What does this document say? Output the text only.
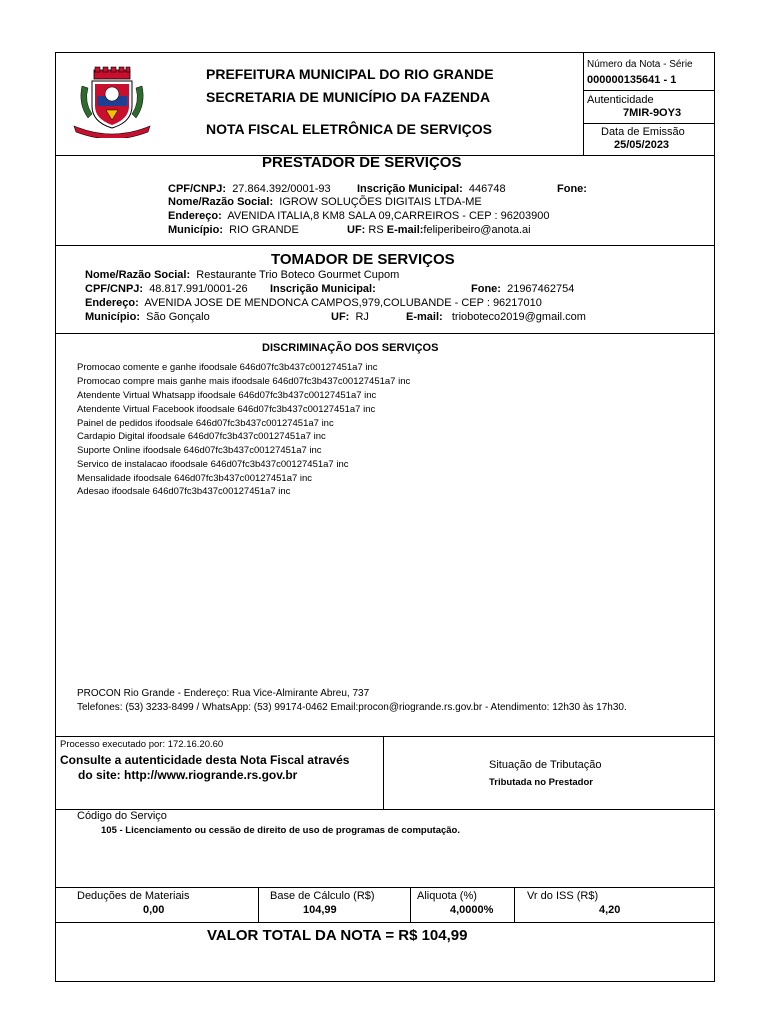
PREFEITURA MUNICIPAL DO RIO GRANDE
SECRETARIA DE MUNICÍPIO DA FAZENDA
NOTA FISCAL ELETRÔNICA DE SERVIÇOS
Número da Nota - Série
000000135641 - 1
Autenticidade
7MIR-9OY3
Data de Emissão
25/05/2023
PRESTADOR DE SERVIÇOS
CPF/CNPJ: 27.864.392/0001-93 Inscrição Municipal: 446748	Fone:
Nome/Razão Social: IGROW SOLUÇÕES DIGITAIS LTDA-ME
Endereço: AVENIDA ITALIA,8 KM8 SALA 09,CARREIROS - CEP : 96203900
Município: RIO GRANDE	UF: RS E-mail:feliperibeiro@anota.ai
TOMADOR DE SERVIÇOS
Nome/Razão Social: Restaurante Trio Boteco Gourmet Cupom
CPF/CNPJ: 48.817.991/0001-26 Inscrição Municipal:	Fone: 21967462754
Endereço: AVENIDA JOSE DE MENDONCA CAMPOS,979,COLUBANDE - CEP : 96217010
Município: São Gonçalo	UF: RJ	E-mail: trioboteco2019@gmail.com
DISCRIMINAÇÃO DOS SERVIÇOS
Promocao comente e ganhe ifoodsale 646d07fc3b437c00127451a7 inc
Promocao compre mais ganhe mais ifoodsale 646d07fc3b437c00127451a7 inc
Atendente Virtual Whatsapp ifoodsale 646d07fc3b437c00127451a7 inc
Atendente Virtual Facebook ifoodsale 646d07fc3b437c00127451a7 inc
Painel de pedidos ifoodsale 646d07fc3b437c00127451a7 inc
Cardapio Digital ifoodsale 646d07fc3b437c00127451a7 inc
Suporte Online ifoodsale 646d07fc3b437c00127451a7 inc
Servico de instalacao ifoodsale 646d07fc3b437c00127451a7 inc
Mensalidade ifoodsale 646d07fc3b437c00127451a7 inc
Adesao ifoodsale 646d07fc3b437c00127451a7 inc
PROCON Rio Grande - Endereço: Rua Vice-Almirante Abreu, 737
Telefones: (53) 3233-8499 / WhatsApp: (53) 99174-0462 Email:procon@riogrande.rs.gov.br - Atendimento: 12h30 às 17h30.
Processo executado por: 172.16.20.60
Consulte a autenticidade desta Nota Fiscal através
do site: http://www.riogrande.rs.gov.br
Situação de Tributação
Tributada no Prestador
Código do Serviço
105 - Licenciamento ou cessão de direito de uso de programas de computação.
Deduções de Materiais
0,00
Base de Cálculo (R$)
104,99
Aliquota (%)
4,0000%
Vr do ISS (R$)
4,20
VALOR TOTAL DA NOTA = R$ 104,99
